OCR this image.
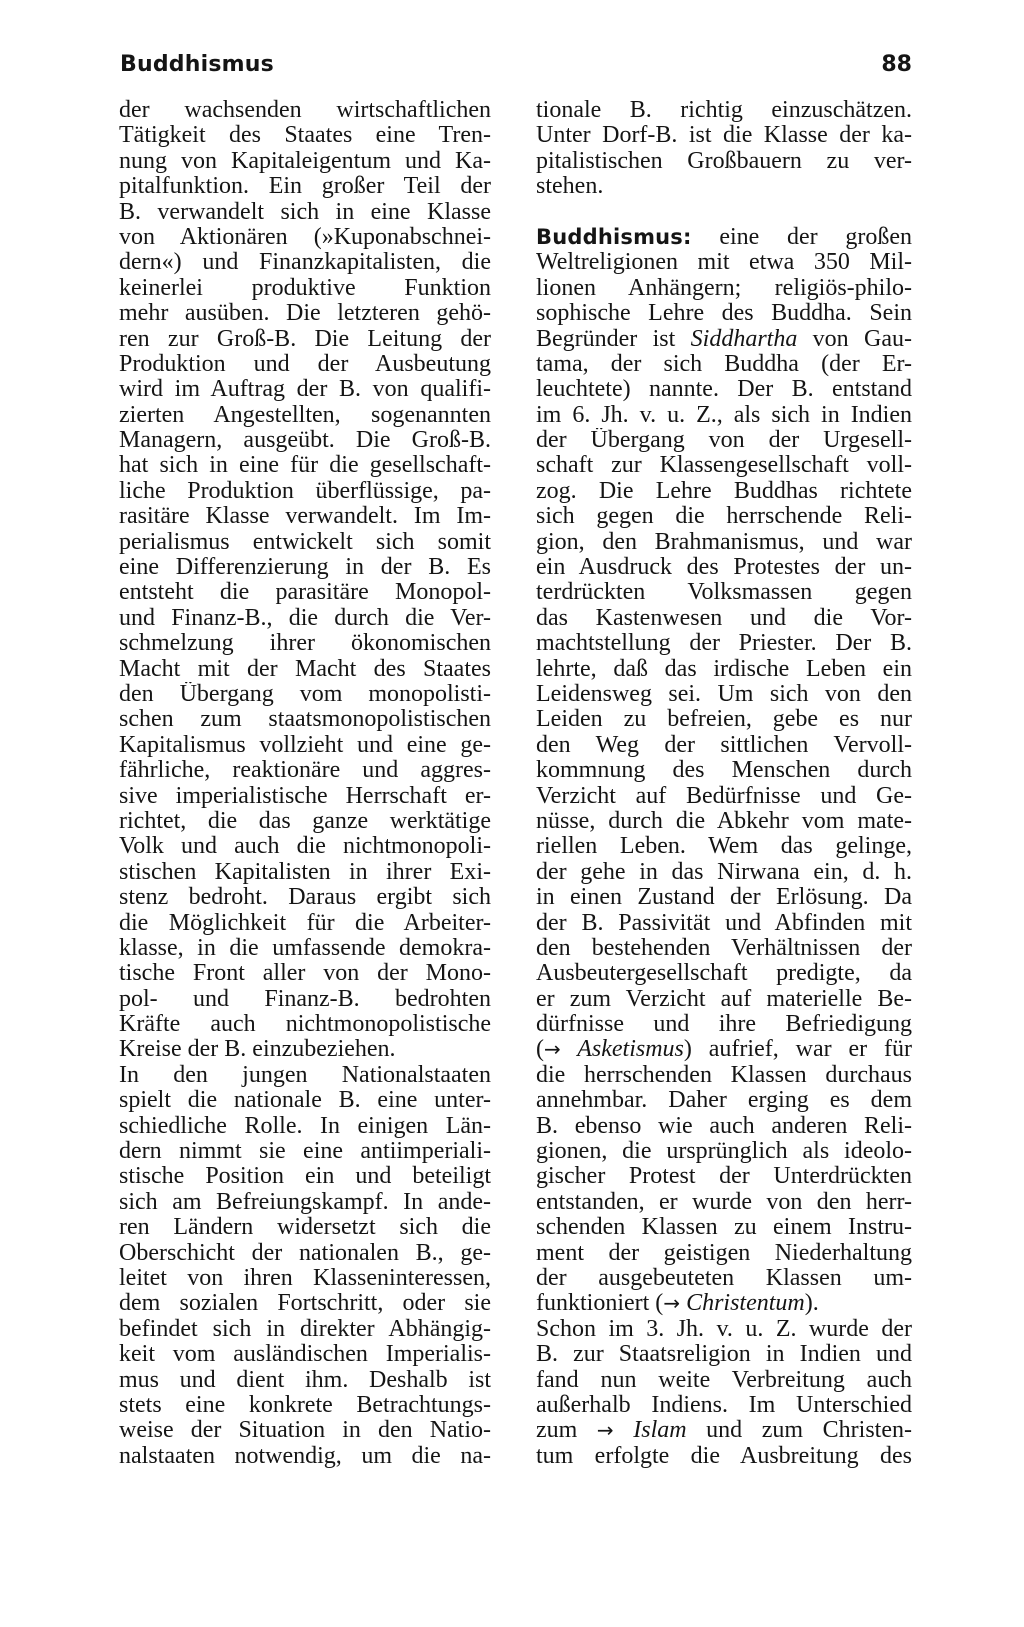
Buddhismus	88
der wachsenden wirtschaftlichen
Tätigkeit des Staates eine Tren-
nung von Kapitaleigentum und Ka-
pitalfunktion. Ein großer Teil der
B. verwandelt sich in eine Klasse
von Aktionären (»Kuponabschnei-
dern«) und Finanzkapitalisten, die
keinerlei produktive Funktion
mehr ausüben. Die letzteren gehö-
ren zur Groß-B. Die Leitung der
Produktion und der Ausbeutung
wird im Auftrag der B. von qualifi-
zierten Angestellten, sogenannten
Managern, ausgeübt. Die Groß-B.
hat sich in eine für die gesellschaft-
liche Produktion überflüssige, pa-
rasitäre Klasse verwandelt. Im Im-
perialismus entwickelt sich somit
eine Differenzierung in der B. Es
entsteht die parasitäre Monopol-
und Finanz-B., die durch die Ver-
schmelzung ihrer ökonomischen
Macht mit der Macht des Staates
den Übergang vom monopolisti-
schen zum staatsmonopolistischen
Kapitalismus vollzieht und eine ge-
fährliche, reaktionäre und aggres-
sive imperialistische Herrschaft er-
richtet, die das ganze werktätige
Volk und auch die nichtmonopoli-
stischen Kapitalisten in ihrer Exi-
stenz bedroht. Daraus ergibt sich
die Möglichkeit für die Arbeiter-
klasse, in die umfassende demokra-
tische Front aller von der Mono-
pol- und Finanz-B. bedrohten
Kräfte auch nichtmonopolistische
Kreise der B. einzubeziehen.
In den jungen Nationalstaaten
spielt die nationale B. eine unter-
schiedliche Rolle. In einigen Län-
dern nimmt sie eine antiimperiali-
stische Position ein und beteiligt
sich am Befreiungskampf. In ande-
ren Ländern widersetzt sich die
Oberschicht der nationalen B., ge-
leitet von ihren Klasseninteressen,
dem sozialen Fortschritt, oder sie
befindet sich in direkter Abhängig-
keit vom ausländischen Imperialis-
mus und dient ihm. Deshalb ist
stets eine konkrete Betrachtungs-
weise der Situation in den Natio-
nalstaaten notwendig, um die na-
tionale B. richtig einzuschätzen.
Unter Dorf-B. ist die Klasse der ka-
pitalistischen Großbauern zu ver-
stehen.
Buddhismus: eine der großen
Weltreligionen mit etwa 350 Mil-
lionen Anhängern; religiös-philo-
sophische Lehre des Buddha. Sein
Begründer ist Siddhartha von Gau-
tama, der sich Buddha (der Er-
leuchtete) nannte. Der B. entstand
im 6. Jh. v. u. Z., als sich in Indien
der Übergang von der Urgesell-
schaft zur Klassengesellschaft voll-
zog. Die Lehre Buddhas richtete
sich gegen die herrschende Reli-
gion, den Brahmanismus, und war
ein Ausdruck des Protestes der un-
terdrückten Volksmassen gegen
das Kastenwesen und die Vor-
machtstellung der Priester. Der B.
lehrte, daß das irdische Leben ein
Leidensweg sei. Um sich von den
Leiden zu befreien, gebe es nur
den Weg der sittlichen Vervoll-
kommnung des Menschen durch
Verzicht auf Bedürfnisse und Ge-
nüsse, durch die Abkehr vom mate-
riellen Leben. Wem das gelinge,
der gehe in das Nirwana ein, d. h.
in einen Zustand der Erlösung. Da
der B. Passivität und Abfinden mit
den bestehenden Verhältnissen der
Ausbeutergesellschaft predigte, da
er zum Verzicht auf materielle Be-
dürfnisse und ihre Befriedigung
(→ Asketismus) aufrief, war er für
die herrschenden Klassen durchaus
annehmbar. Daher erging es dem
B. ebenso wie auch anderen Reli-
gionen, die ursprünglich als ideolo-
gischer Protest der Unterdrückten
entstanden, er wurde von den herr-
schenden Klassen zu einem Instru-
ment der geistigen Niederhaltung
der ausgebeuteten Klassen um-
funktioniert (→ Christentum).
Schon im 3. Jh. v. u. Z. wurde der
B. zur Staatsreligion in Indien und
fand nun weite Verbreitung auch
außerhalb Indiens. Im Unterschied
zum → Islam und zum Christen-
tum erfolgte die Ausbreitung des
